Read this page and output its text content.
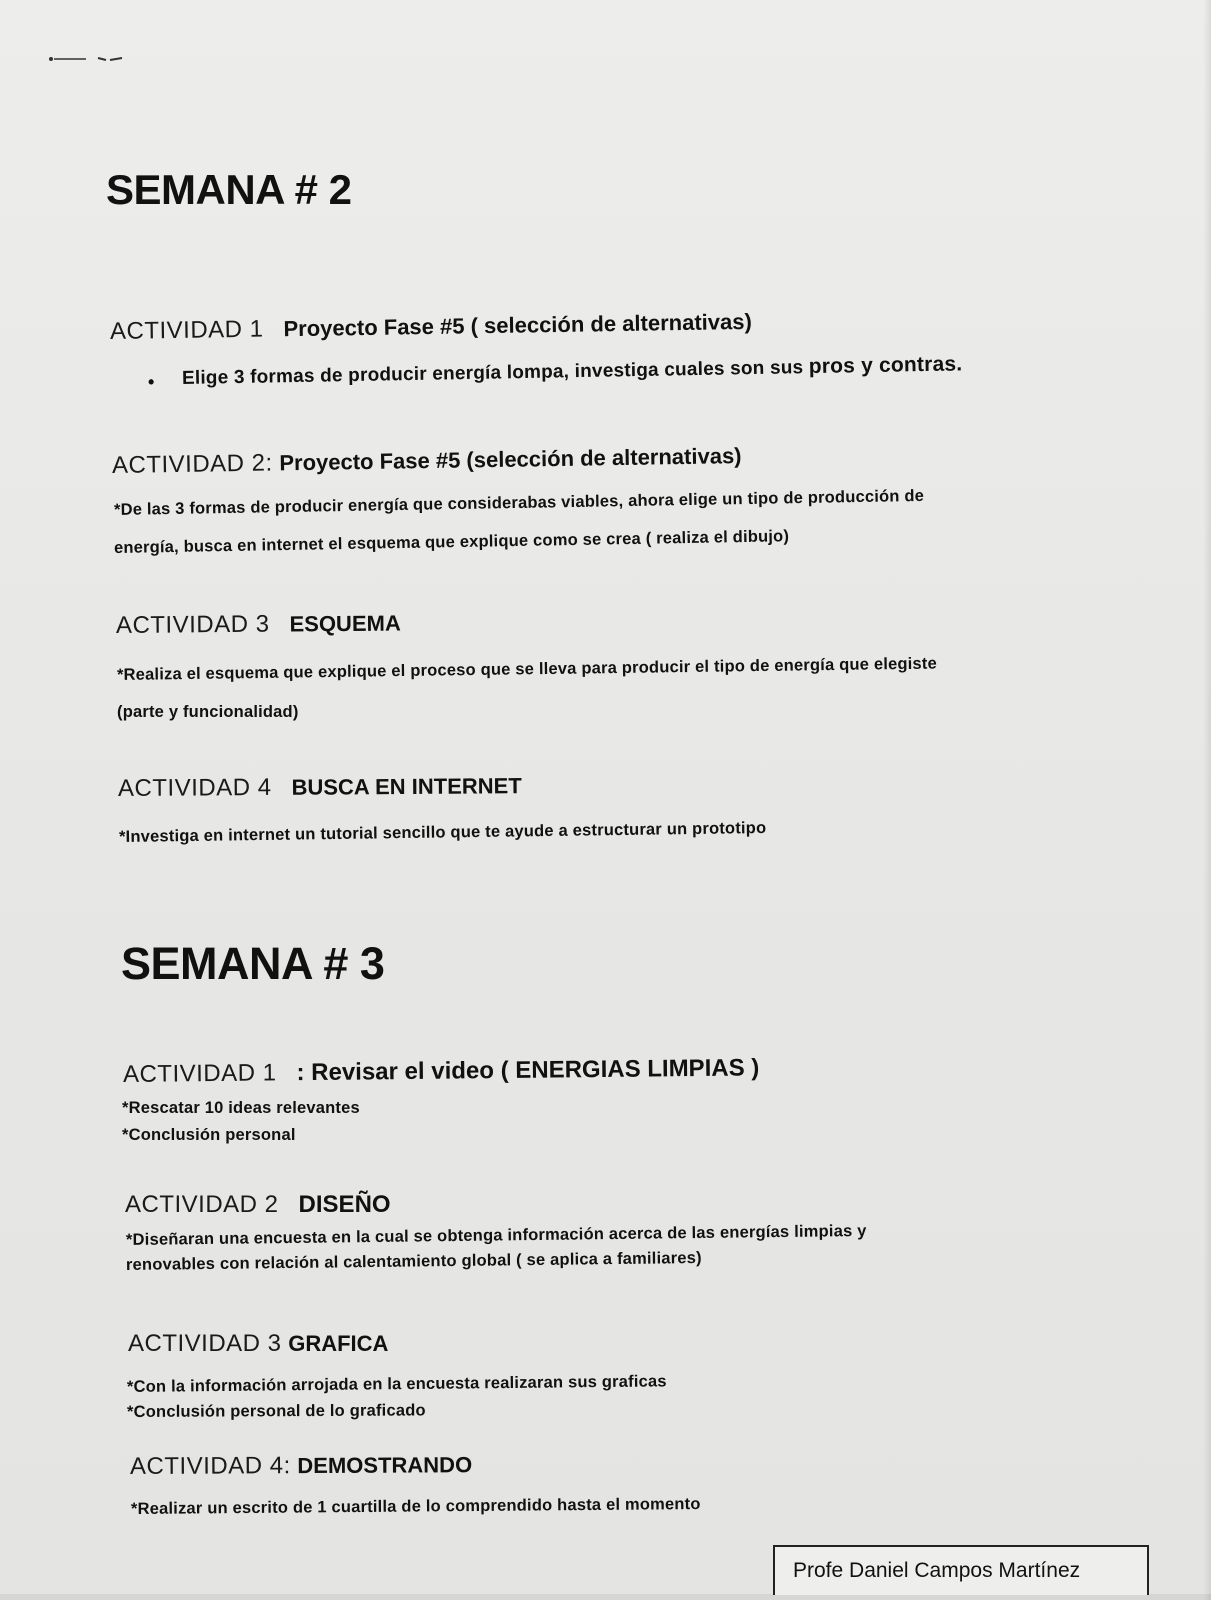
SEMANA # 2
ACTIVIDAD 1 Proyecto Fase #5 ( selección de alternativas)
• Elige 3 formas de producir energía lompa, investiga cuales son sus pros y contras.
ACTIVIDAD 2: Proyecto Fase #5 (selección de alternativas)
*De las 3 formas de producir energía que considerabas viables, ahora elige un tipo de producción de
energía, busca en internet el esquema que explique como se crea ( realiza el dibujo)
ACTIVIDAD 3 ESQUEMA
*Realiza el esquema que explique el proceso que se lleva para producir el tipo de energía que elegiste
(parte y funcionalidad)
ACTIVIDAD 4 BUSCA EN INTERNET
*Investiga en internet un tutorial sencillo que te ayude a estructurar un prototipo
SEMANA # 3
ACTIVIDAD 1 : Revisar el video ( ENERGIAS LIMPIAS )
*Rescatar 10 ideas relevantes
*Conclusión personal
ACTIVIDAD 2 DISEÑO
*Diseñaran una encuesta en la cual se obtenga información acerca de las energías limpias y
renovables con relación al calentamiento global ( se aplica a familiares)
ACTIVIDAD 3 GRAFICA
*Con la información arrojada en la encuesta realizaran sus graficas
*Conclusión personal de lo graficado
ACTIVIDAD 4: DEMOSTRANDO
*Realizar un escrito de 1 cuartilla de lo comprendido hasta el momento
Profe Daniel Campos Martínez
